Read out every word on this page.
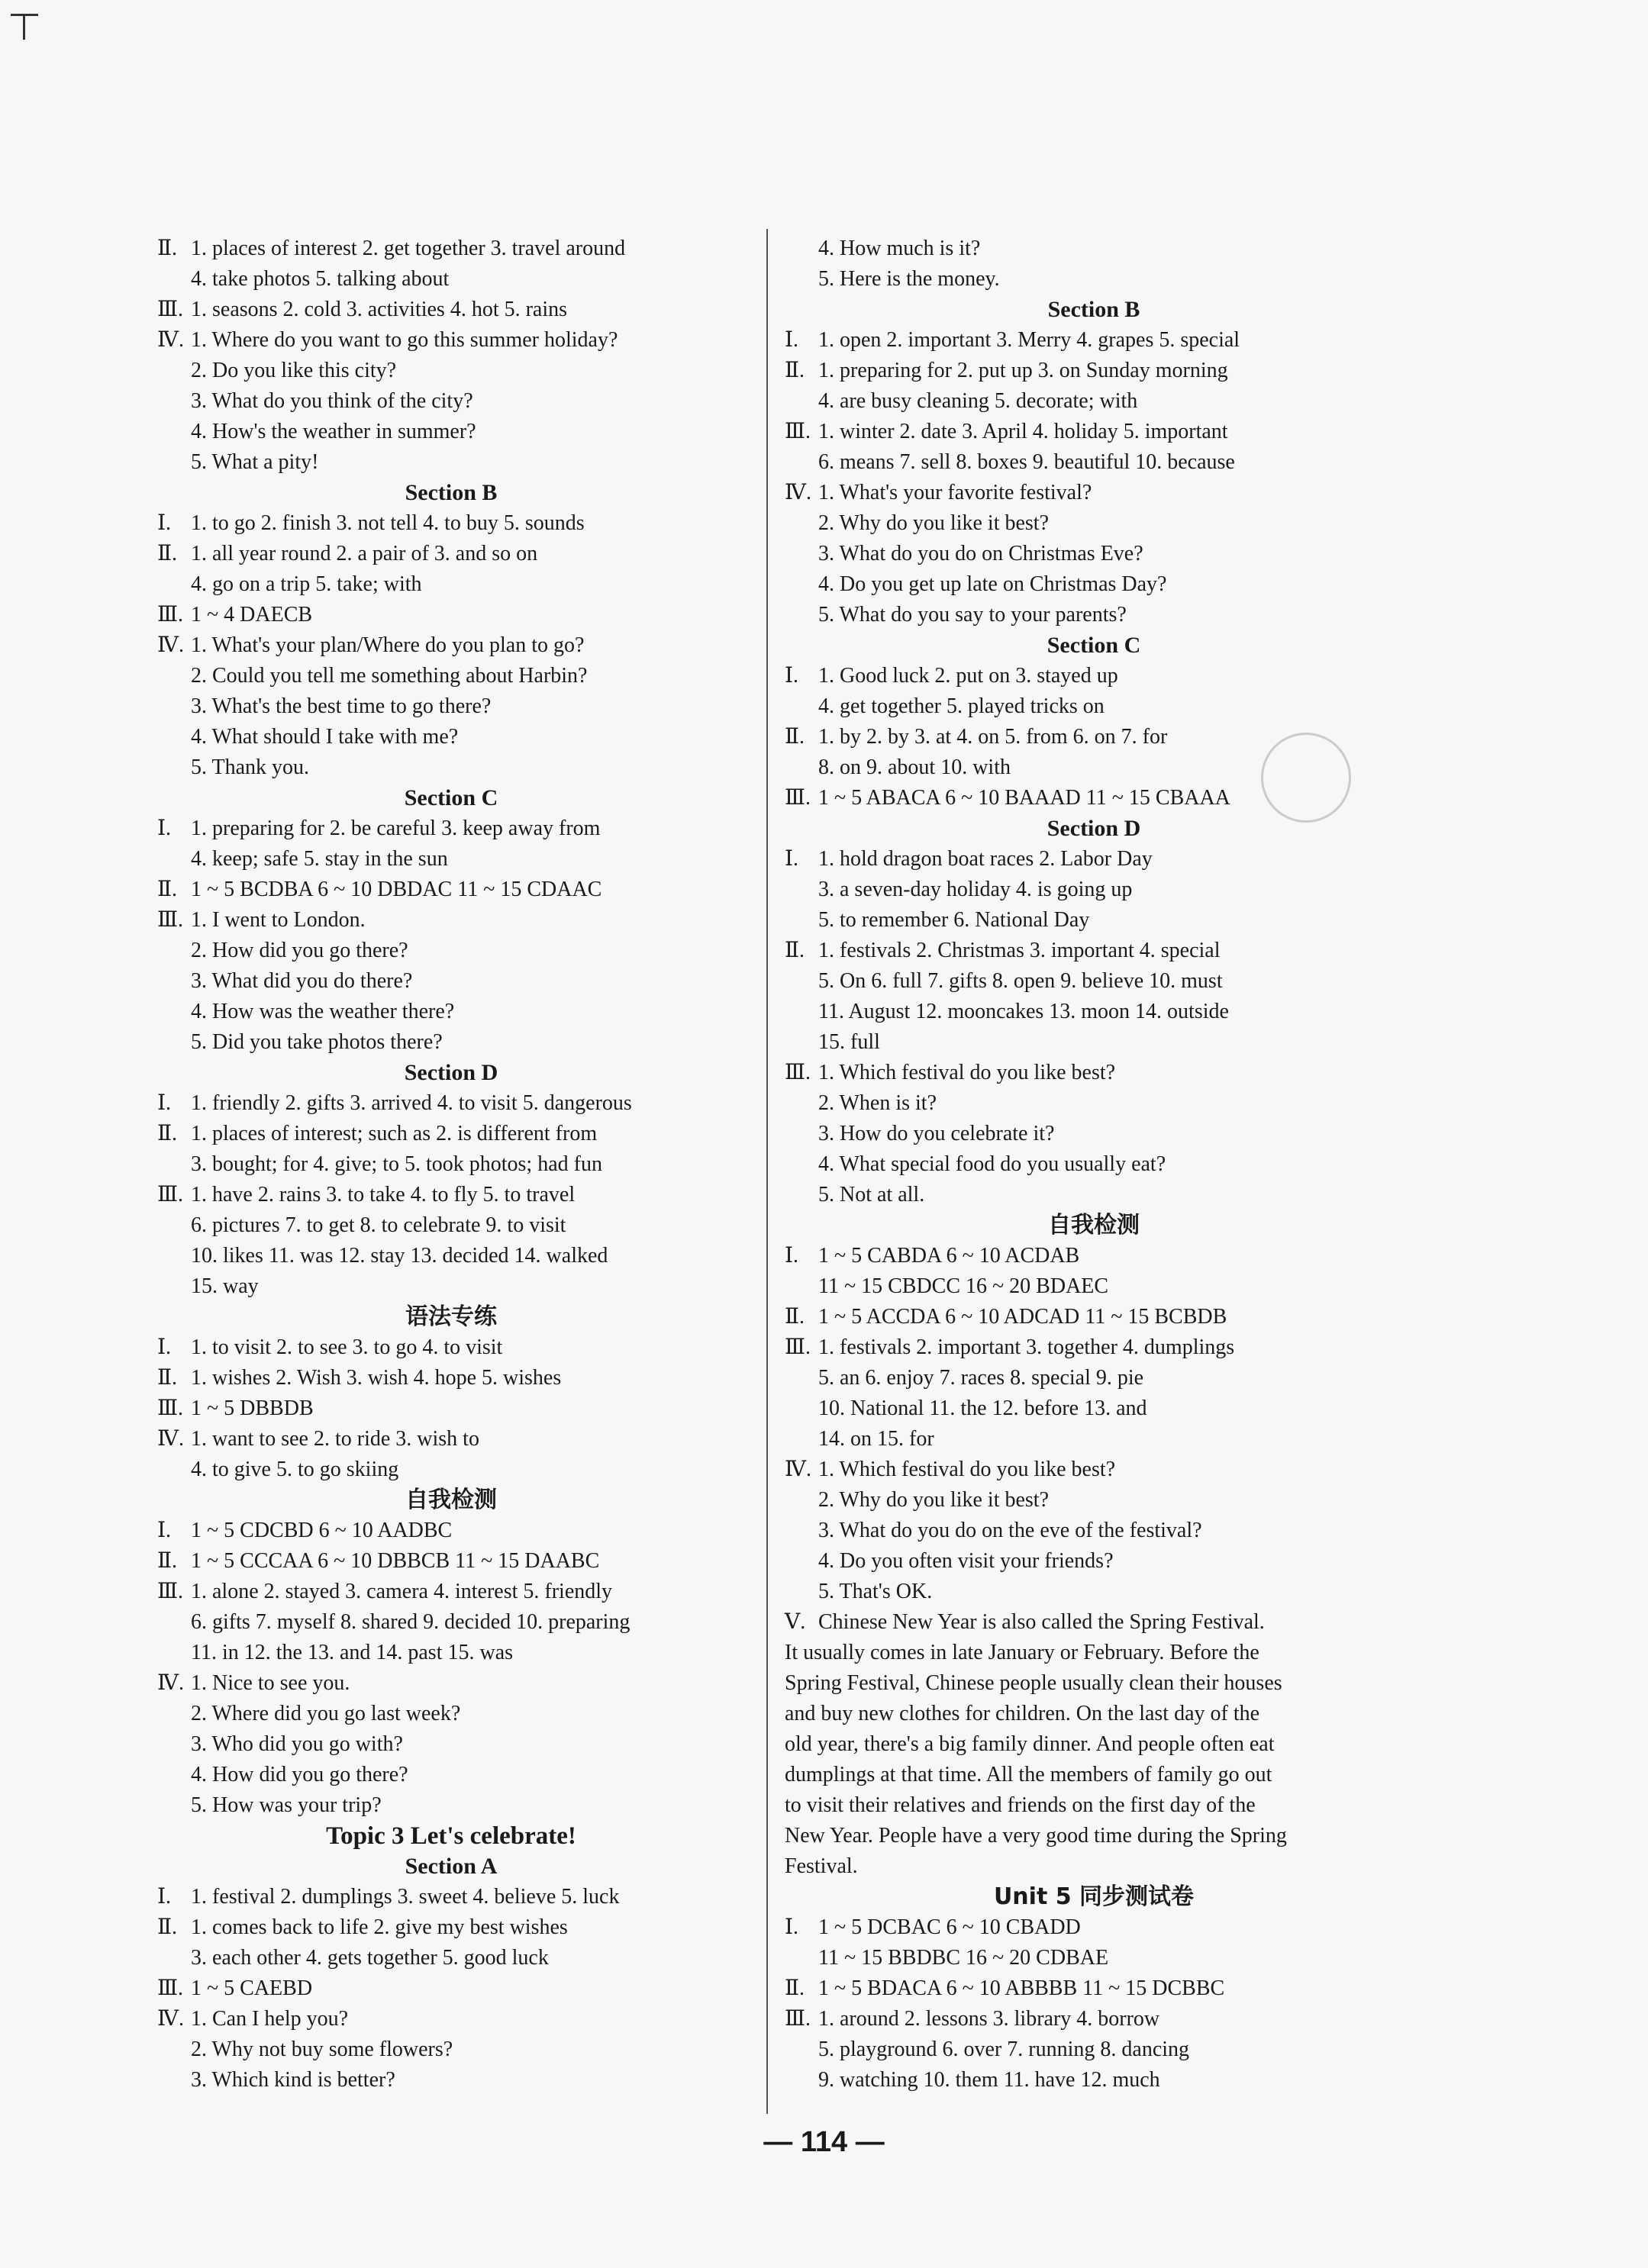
Ⅱ. 1. places of interest 2. get together 3. travel around
4. take photos 5. talking about
Ⅲ. 1. seasons 2. cold 3. activities 4. hot 5. rains
Ⅳ. 1. Where do you want to go this summer holiday?
2. Do you like this city?
3. What do you think of the city?
4. How's the weather in summer?
5. What a pity!
Section B
Ⅰ. 1. to go 2. finish 3. not tell 4. to buy 5. sounds
Ⅱ. 1. all year round 2. a pair of 3. and so on
4. go on a trip 5. take; with
Ⅲ. 1 ~ 4 DAECB
Ⅳ. 1. What's your plan/Where do you plan to go?
2. Could you tell me something about Harbin?
3. What's the best time to go there?
4. What should I take with me?
5. Thank you.
Section C
Ⅰ. 1. preparing for 2. be careful 3. keep away from
4. keep; safe 5. stay in the sun
Ⅱ. 1 ~ 5 BCDBA 6 ~ 10 DBDAC 11 ~ 15 CDAAC
Ⅲ. 1. I went to London.
2. How did you go there?
3. What did you do there?
4. How was the weather there?
5. Did you take photos there?
Section D
Ⅰ. 1. friendly 2. gifts 3. arrived 4. to visit 5. dangerous
Ⅱ. 1. places of interest; such as 2. is different from
3. bought; for 4. give; to 5. took photos; had fun
Ⅲ. 1. have 2. rains 3. to take 4. to fly 5. to travel
6. pictures 7. to get 8. to celebrate 9. to visit
10. likes 11. was 12. stay 13. decided 14. walked
15. way
语法专练
Ⅰ. 1. to visit 2. to see 3. to go 4. to visit
Ⅱ. 1. wishes 2. Wish 3. wish 4. hope 5. wishes
Ⅲ. 1 ~ 5 DBBDB
Ⅳ. 1. want to see 2. to ride 3. wish to
4. to give 5. to go skiing
自我检测
Ⅰ. 1 ~ 5 CDCBD 6 ~ 10 AADBC
Ⅱ. 1 ~ 5 CCCAA 6 ~ 10 DBBCB 11 ~ 15 DAABC
Ⅲ. 1. alone 2. stayed 3. camera 4. interest 5. friendly
6. gifts 7. myself 8. shared 9. decided 10. preparing
11. in 12. the 13. and 14. past 15. was
Ⅳ. 1. Nice to see you.
2. Where did you go last week?
3. Who did you go with?
4. How did you go there?
5. How was your trip?
Topic 3 Let's celebrate!
Section A
Ⅰ. 1. festival 2. dumplings 3. sweet 4. believe 5. luck
Ⅱ. 1. comes back to life 2. give my best wishes
3. each other 4. gets together 5. good luck
Ⅲ. 1 ~ 5 CAEBD
Ⅳ. 1. Can I help you?
2. Why not buy some flowers?
3. Which kind is better?
4. How much is it?
5. Here is the money.
Section B
Ⅰ. 1. open 2. important 3. Merry 4. grapes 5. special
Ⅱ. 1. preparing for 2. put up 3. on Sunday morning
4. are busy cleaning 5. decorate; with
Ⅲ. 1. winter 2. date 3. April 4. holiday 5. important
6. means 7. sell 8. boxes 9. beautiful 10. because
Ⅳ. 1. What's your favorite festival?
2. Why do you like it best?
3. What do you do on Christmas Eve?
4. Do you get up late on Christmas Day?
5. What do you say to your parents?
Section C
Ⅰ. 1. Good luck 2. put on 3. stayed up
4. get together 5. played tricks on
Ⅱ. 1. by 2. by 3. at 4. on 5. from 6. on 7. for
8. on 9. about 10. with
Ⅲ. 1 ~ 5 ABACA 6 ~ 10 BAAAD 11 ~ 15 CBAAA
Section D
Ⅰ. 1. hold dragon boat races 2. Labor Day
3. a seven-day holiday 4. is going up
5. to remember 6. National Day
Ⅱ. 1. festivals 2. Christmas 3. important 4. special
5. On 6. full 7. gifts 8. open 9. believe 10. must
11. August 12. mooncakes 13. moon 14. outside
15. full
Ⅲ. 1. Which festival do you like best?
2. When is it?
3. How do you celebrate it?
4. What special food do you usually eat?
5. Not at all.
自我检测
Ⅰ. 1 ~ 5 CABDA 6 ~ 10 ACDAB
11 ~ 15 CBDCC 16 ~ 20 BDAEC
Ⅱ. 1 ~ 5 ACCDA 6 ~ 10 ADCAD 11 ~ 15 BCBDB
Ⅲ. 1. festivals 2. important 3. together 4. dumplings
5. an 6. enjoy 7. races 8. special 9. pie
10. National 11. the 12. before 13. and
14. on 15. for
Ⅳ. 1. Which festival do you like best?
2. Why do you like it best?
3. What do you do on the eve of the festival?
4. Do you often visit your friends?
5. That's OK.
Ⅴ. Chinese New Year is also called the Spring Festival.
It usually comes in late January or February. Before the
Spring Festival, Chinese people usually clean their houses
and buy new clothes for children. On the last day of the
old year, there's a big family dinner. And people often eat
dumplings at that time. All the members of family go out
to visit their relatives and friends on the first day of the
New Year. People have a very good time during the Spring
Festival.
Unit 5 同步测试卷
Ⅰ. 1 ~ 5 DCBAC 6 ~ 10 CBADD
11 ~ 15 BBDBC 16 ~ 20 CDBAE
Ⅱ. 1 ~ 5 BDACA 6 ~ 10 ABBBB 11 ~ 15 DCBBC
Ⅲ. 1. around 2. lessons 3. library 4. borrow
5. playground 6. over 7. running 8. dancing
9. watching 10. them 11. have 12. much
— 114 —
